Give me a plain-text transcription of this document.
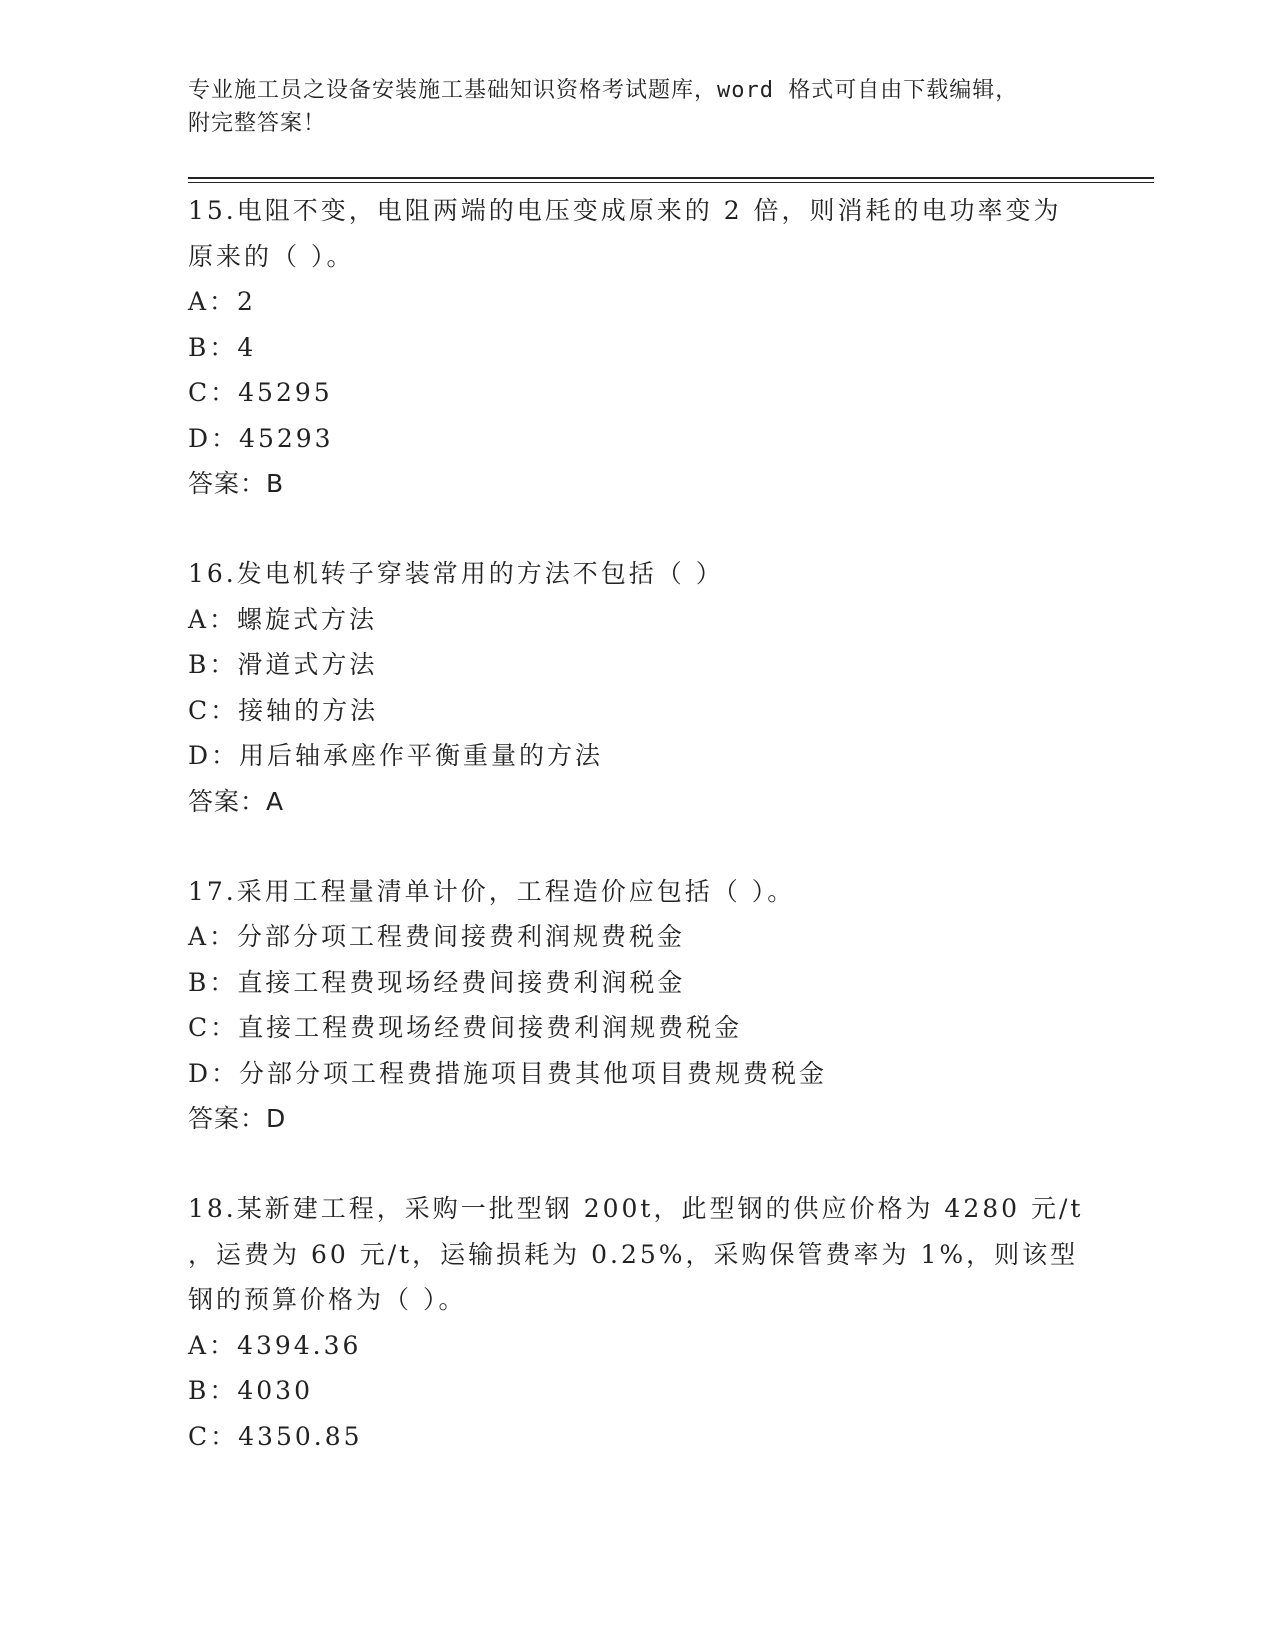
专业施工员之设备安装施工基础知识资格考试题库，word 格式可自由下载编辑，
附完整答案！
15.电阻不变，电阻两端的电压变成原来的 2 倍，则消耗的电功率变为
原来的（ ）。
A：2
B：4
C：45295
D：45293
答案：B
16.发电机转子穿装常用的方法不包括（ ）
A：螺旋式方法
B：滑道式方法
C：接轴的方法
D：用后轴承座作平衡重量的方法
答案：A
17.采用工程量清单计价，工程造价应包括（ ）。
A：分部分项工程费间接费利润规费税金
B：直接工程费现场经费间接费利润税金
C：直接工程费现场经费间接费利润规费税金
D：分部分项工程费措施项目费其他项目费规费税金
答案：D
18.某新建工程，采购一批型钢 200t，此型钢的供应价格为 4280 元/t
，运费为 60 元/t，运输损耗为 0.25%，采购保管费率为 1%，则该型
钢的预算价格为（ ）。
A：4394.36
B：4030
C：4350.85
